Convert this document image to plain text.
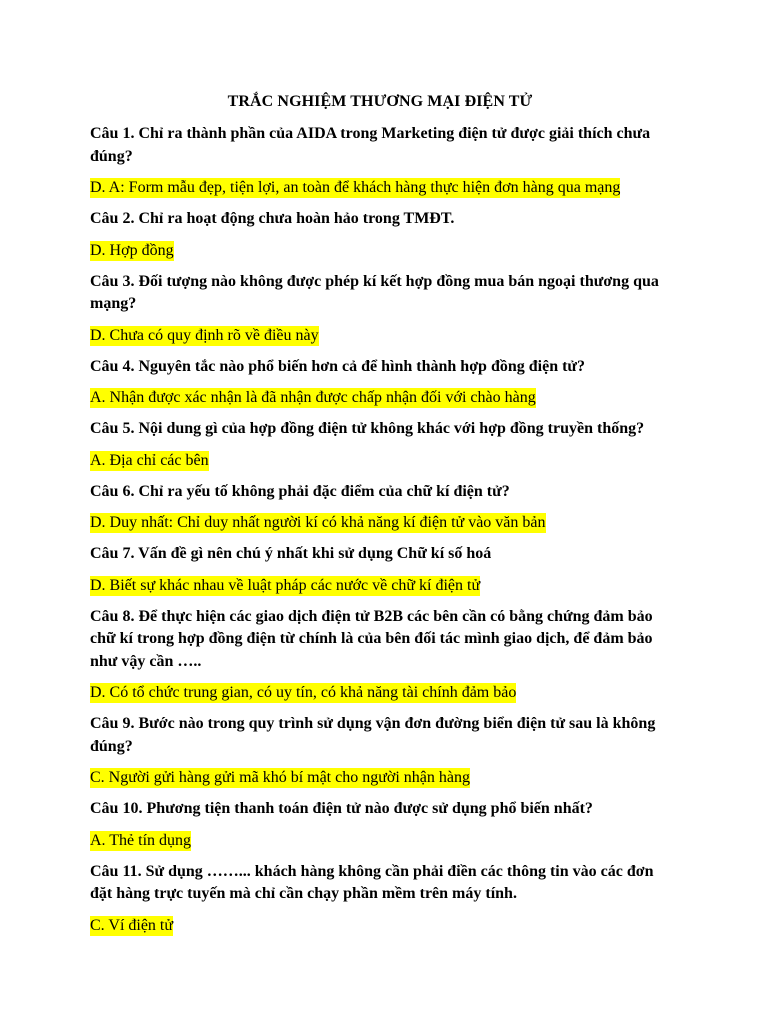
TRẮC NGHIỆM THƯƠNG MẠI ĐIỆN TỬ
Câu 1. Chỉ ra thành phần của AIDA trong Marketing điện tử được giải thích chưa đúng?
D. A: Form mẫu đẹp, tiện lợi, an toàn để khách hàng thực hiện đơn hàng qua mạng
Câu 2. Chỉ ra hoạt động chưa hoàn hảo trong TMĐT.
D. Hợp đồng
Câu 3. Đối tượng nào không được phép kí kết hợp đồng mua bán ngoại thương qua mạng?
D. Chưa có quy định rõ về điều này
Câu 4. Nguyên tắc nào phổ biến hơn cả để hình thành hợp đồng điện tử?
A. Nhận được xác nhận là đã nhận được chấp nhận đối với chào hàng
Câu 5. Nội dung gì của hợp đồng điện tử không khác với hợp đồng truyền thống?
A. Địa chỉ các bên
Câu 6. Chỉ ra yếu tố không phải đặc điểm của chữ kí điện tử?
D. Duy nhất: Chỉ duy nhất người kí có khả năng kí điện tử vào văn bản
Câu 7. Vấn đề gì nên chú ý nhất khi sử dụng Chữ kí số hoá
D. Biết sự khác nhau về luật pháp các nước về chữ kí điện tử
Câu 8. Để thực hiện các giao dịch điện tử B2B các bên cần có bằng chứng đảm bảo chữ kí trong hợp đồng điện từ chính là của bên đối tác mình giao dịch, để đảm bảo như vậy cần …..
D. Có tổ chức trung gian, có uy tín, có khả năng tài chính đảm bảo
Câu 9. Bước nào trong quy trình sử dụng vận đơn đường biển điện tử sau là không đúng?
C. Người gửi hàng gửi mã khó bí mật cho người nhận hàng
Câu 10. Phương tiện thanh toán điện tử nào được sử dụng phổ biến nhất?
A. Thẻ tín dụng
Câu 11. Sử dụng ……... khách hàng không cần phải điền các thông tin vào các đơn đặt hàng trực tuyến mà chỉ cần chạy phần mềm trên máy tính.
C. Ví điện tử
